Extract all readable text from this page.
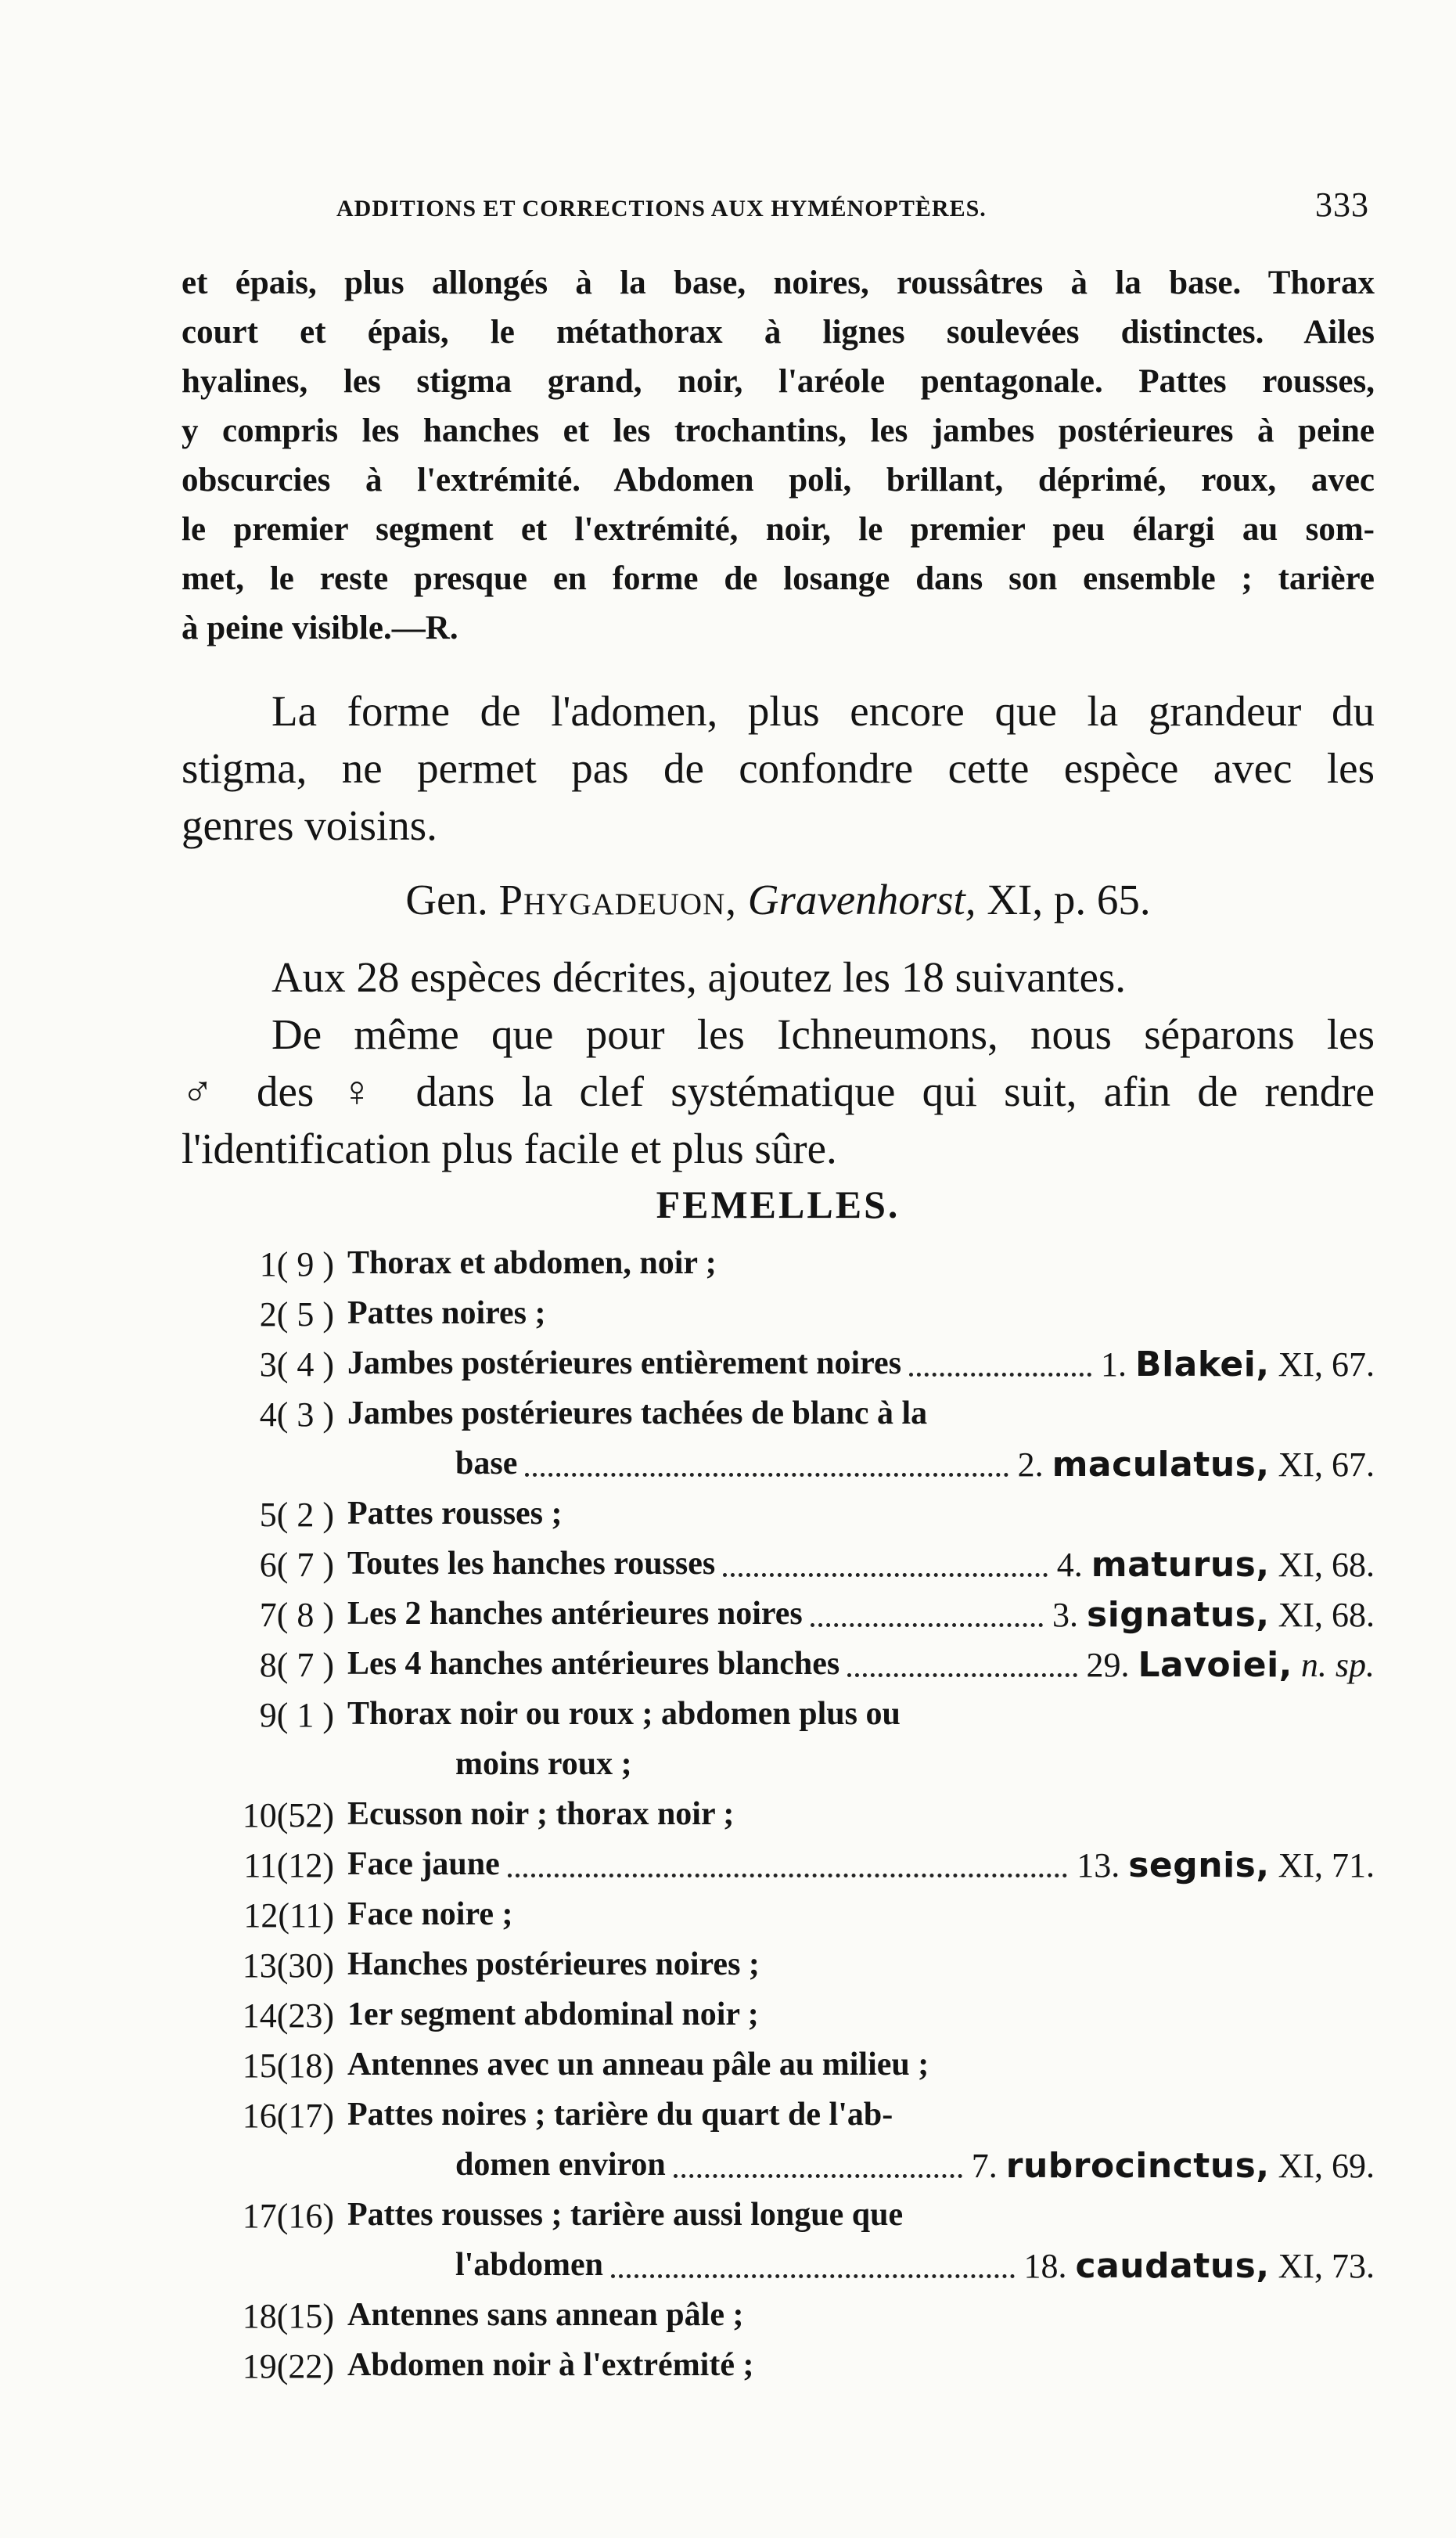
ADDITIONS ET CORRECTIONS AUX HYMÉNOPTÈRES.	333
et épais, plus allongés à la base, noires, roussâtres à la base. Thorax
court et épais, le métathorax à lignes soulevées distinctes. Ailes
hyalines, les stigma grand, noir, l'aréole pentagonale. Pattes rousses,
y compris les hanches et les trochantins, les jambes postérieures à peine
obscurcies à l'extrémité. Abdomen poli, brillant, déprimé, roux, avec
le premier segment et l'extrémité, noir, le premier peu élargi au som-
met, le reste presque en forme de losange dans son ensemble ; tarière
à peine visible.—R.
La forme de l'adomen, plus encore que la grandeur du
stigma, ne permet pas de confondre cette espèce avec les
genres voisins.
Gen. Phygadeuon, Gravenhorst, XI, p. 65.
Aux 28 espèces décrites, ajoutez les 18 suivantes.
De même que pour les Ichneumons, nous séparons les
♂ des ♀ dans la clef systématique qui suit, afin de rendre
l'identification plus facile et plus sûre.
FEMELLES.
1( 9 ) Thorax et abdomen, noir ;
2( 5 ) Pattes noires ;
3( 4 ) Jambes postérieures entièrement noires	1. Blakei, XI, 67.
4( 3 ) Jambes postérieures tachées de blanc à la
base	2. maculatus, XI, 67.
5( 2 ) Pattes rousses ;
6( 7 ) Toutes les hanches rousses	4. maturus, XI, 68.
7( 8 ) Les 2 hanches antérieures noires	3. signatus, XI, 68.
8( 7 ) Les 4 hanches antérieures blanches	29. Lavoiei, n. sp.
9( 1 ) Thorax noir ou roux ; abdomen plus ou
moins roux ;
10(52) Ecusson noir ; thorax noir ;
11(12) Face jaune	13. segnis, XI, 71.
12(11) Face noire ;
13(30) Hanches postérieures noires ;
14(23) 1er segment abdominal noir ;
15(18) Antennes avec un anneau pâle au milieu ;
16(17) Pattes noires ; tarière du quart de l'ab-
domen environ	7. rubrocinctus, XI, 69.
17(16) Pattes rousses ; tarière aussi longue que
l'abdomen	18. caudatus, XI, 73.
18(15) Antennes sans annean pâle ;
19(22) Abdomen noir à l'extrémité ;
